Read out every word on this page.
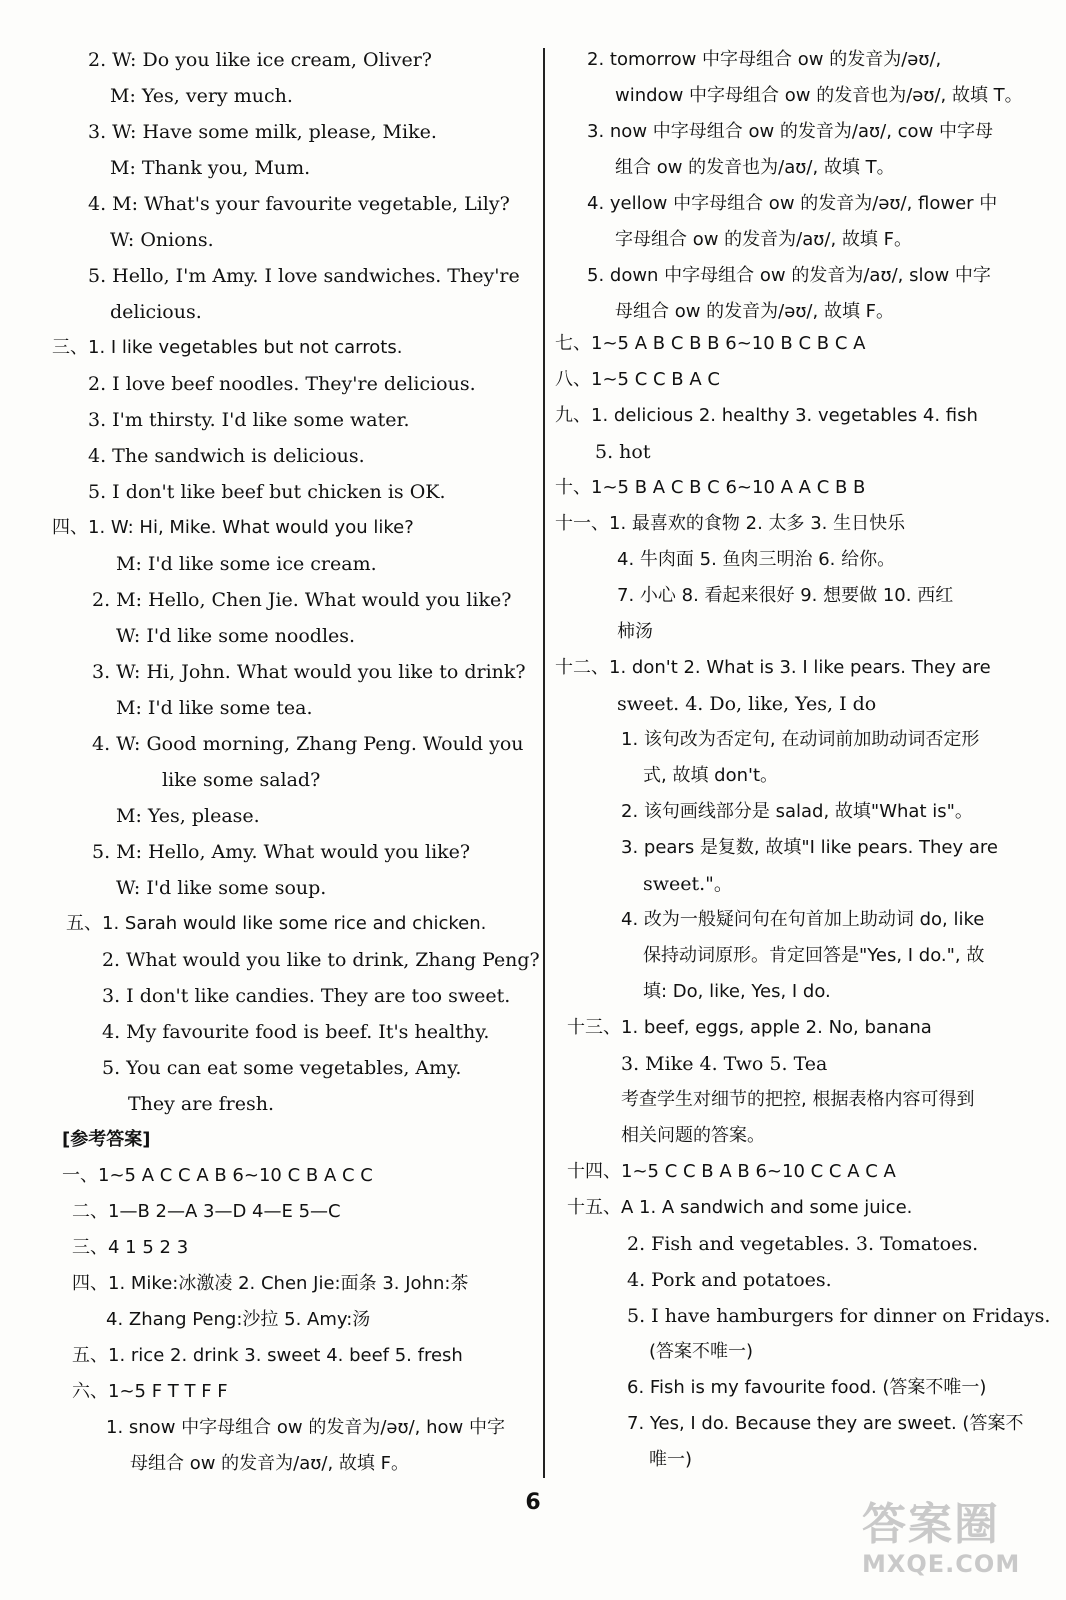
2. W: Do you like ice cream, Oliver?
M: Yes, very much.
3. W: Have some milk, please, Mike.
M: Thank you, Mum.
4. M: What's your favourite vegetable, Lily?
W: Onions.
5. Hello, I'm Amy. I love sandwiches. They're
delicious.
三、1. I like vegetables but not carrots.
2. I love beef noodles. They're delicious.
3. I'm thirsty. I'd like some water.
4. The sandwich is delicious.
5. I don't like beef but chicken is OK.
四、1. W: Hi, Mike. What would you like?
M: I'd like some ice cream.
2. M: Hello, Chen Jie. What would you like?
W: I'd like some noodles.
3. W: Hi, John. What would you like to drink?
M: I'd like some tea.
4. W: Good morning, Zhang Peng. Would you
like some salad?
M: Yes, please.
5. M: Hello, Amy. What would you like?
W: I'd like some soup.
五、1. Sarah would like some rice and chicken.
2. What would you like to drink, Zhang Peng?
3. I don't like candies. They are too sweet.
4. My favourite food is beef. It's healthy.
5. You can eat some vegetables, Amy.
They are fresh.
[参考答案]
一、1~5 A C C A B 6~10 C B A C C
二、1—B 2—A 3—D 4—E 5—C
三、4 1 5 2 3
四、1. Mike:冰激凌 2. Chen Jie:面条 3. John:茶
4. Zhang Peng:沙拉 5. Amy:汤
五、1. rice 2. drink 3. sweet 4. beef 5. fresh
六、1~5 F T T F F
1. snow 中字母组合 ow 的发音为/əʊ/, how 中字
母组合 ow 的发音为/aʊ/, 故填 F。
2. tomorrow 中字母组合 ow 的发音为/əʊ/,
window 中字母组合 ow 的发音也为/əʊ/, 故填 T。
3. now 中字母组合 ow 的发音为/aʊ/, cow 中字母
组合 ow 的发音也为/aʊ/, 故填 T。
4. yellow 中字母组合 ow 的发音为/əʊ/, flower 中
字母组合 ow 的发音为/aʊ/, 故填 F。
5. down 中字母组合 ow 的发音为/aʊ/, slow 中字
母组合 ow 的发音为/əʊ/, 故填 F。
七、1~5 A B C B B 6~10 B C B C A
八、1~5 C C B A C
九、1. delicious 2. healthy 3. vegetables 4. fish
5. hot
十、1~5 B A C B C 6~10 A A C B B
十一、1. 最喜欢的食物 2. 太多 3. 生日快乐
4. 牛肉面 5. 鱼肉三明治 6. 给你。
7. 小心 8. 看起来很好 9. 想要做 10. 西红
柿汤
十二、1. don't 2. What is 3. I like pears. They are
sweet. 4. Do, like, Yes, I do
1. 该句改为否定句, 在动词前加助动词否定形
式, 故填 don't。
2. 该句画线部分是 salad, 故填"What is"。
3. pears 是复数, 故填"I like pears. They are
sweet."。
4. 改为一般疑问句在句首加上助动词 do, like
保持动词原形。肯定回答是"Yes, I do.", 故
填: Do, like, Yes, I do.
十三、1. beef, eggs, apple 2. No, banana
3. Mike 4. Two 5. Tea
考查学生对细节的把控, 根据表格内容可得到
相关问题的答案。
十四、1~5 C C B A B 6~10 C C A C A
十五、A 1. A sandwich and some juice.
2. Fish and vegetables. 3. Tomatoes.
4. Pork and potatoes.
5. I have hamburgers for dinner on Fridays.
(答案不唯一)
6. Fish is my favourite food. (答案不唯一)
7. Yes, I do. Because they are sweet. (答案不
唯一)
6	答案圈
MXQE.COM
